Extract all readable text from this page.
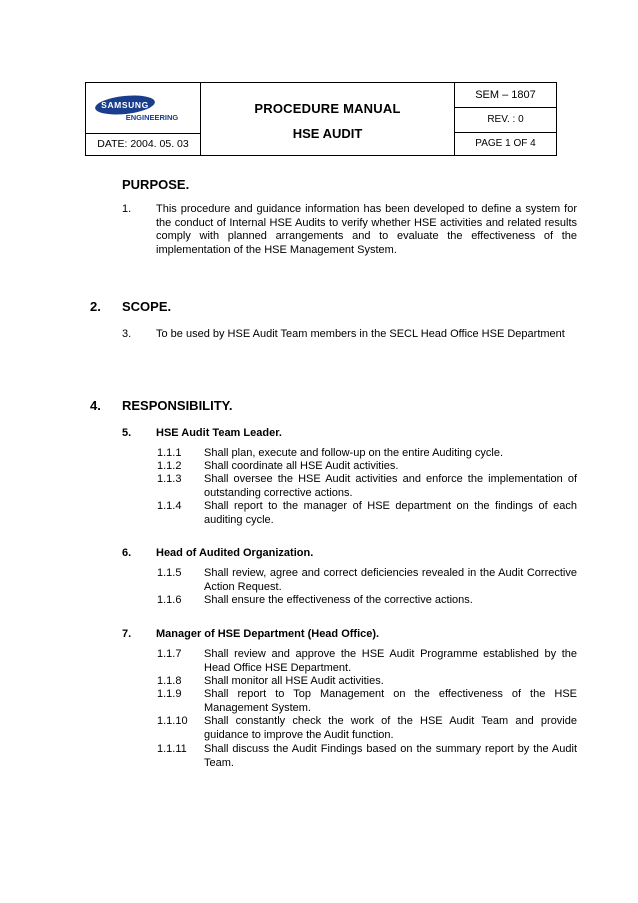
SAMSUNG
ENGINEERING
DATE: 2004. 05. 03
PROCEDURE MANUAL
HSE AUDIT
SEM – 1807
REV. : 0
PAGE 1 OF 4
PURPOSE.
1. This procedure and guidance information has been developed to define a system for the conduct of Internal HSE Audits to verify whether HSE activities and related results comply with planned arrangements and to evaluate the effectiveness of the implementation of the HSE Management System.
2. SCOPE.
3. To be used by HSE Audit Team members in the SECL Head Office HSE Department
4. RESPONSIBILITY.
5. HSE Audit Team Leader.
1.1.1 Shall plan, execute and follow-up on the entire Auditing cycle.
1.1.2 Shall coordinate all HSE Audit activities.
1.1.3 Shall oversee the HSE Audit activities and enforce the implementation of outstanding corrective actions.
1.1.4 Shall report to the manager of HSE department on the findings of each auditing cycle.
6. Head of Audited Organization.
1.1.5 Shall review, agree and correct deficiencies revealed in the Audit Corrective Action Request.
1.1.6 Shall ensure the effectiveness of the corrective actions.
7. Manager of HSE Department (Head Office).
1.1.7 Shall review and approve the HSE Audit Programme established by the Head Office HSE Department.
1.1.8 Shall monitor all HSE Audit activities.
1.1.9 Shall report to Top Management on the effectiveness of the HSE Management System.
1.1.10 Shall constantly check the work of the HSE Audit Team and provide guidance to improve the Audit function.
1.1.11 Shall discuss the Audit Findings based on the summary report by the Audit Team.
